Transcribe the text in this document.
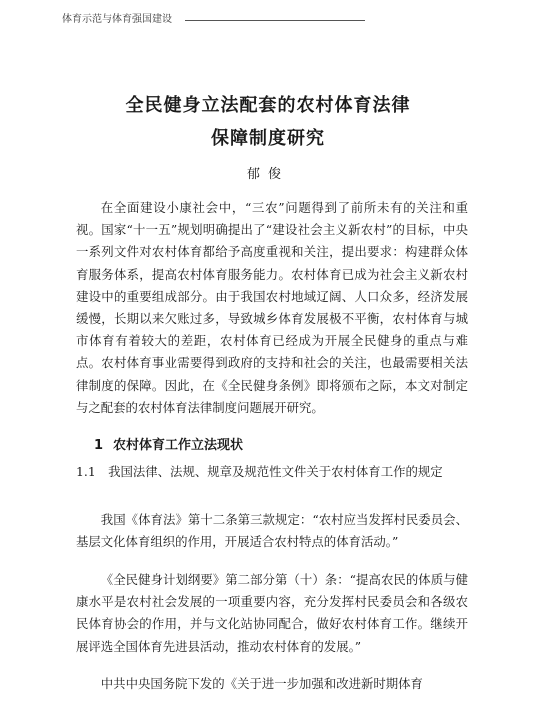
体育示范与体育强国建设
全民健身立法配套的农村体育法律
保障制度研究
郁俊

在全面建设小康社会中，“三农”问题得到了前所未有的关注和重视。国家“十一五”规划明确提出了“建设社会主义新农村”的目标，中央一系列文件对农村体育都给予高度重视和关注，提出要求：构建群众体育服务体系，提高农村体育服务能力。农村体育已成为社会主义新农村建设中的重要组成部分。由于我国农村地域辽阔、人口众多，经济发展缓慢，长期以来欠账过多，导致城乡体育发展极不平衡，农村体育与城市体育有着较大的差距，农村体育已经成为开展全民健身的重点与难点。农村体育事业需要得到政府的支持和社会的关注，也最需要相关法律制度的保障。因此，在《全民健身条例》即将颁布之际，本文对制定与之配套的农村体育法律制度问题展开研究。

1 农村体育工作立法现状

1.1　我国法律、法规、规章及规范性文件关于农村体育工作的规定

我国《体育法》第十二条第三款规定：“农村应当发挥村民委员会、基层文化体育组织的作用，开展适合农村特点的体育活动。”

《全民健身计划纲要》第二部分第（十）条：“提高农民的体质与健康水平是农村社会发展的一项重要内容，充分发挥村民委员会和各级农民体育协会的作用，并与文化站协同配合，做好农村体育工作。继续开展评选全国体育先进县活动，推动农村体育的发展。”

中共中央国务院下发的《关于进一步加强和改进新时期体育
